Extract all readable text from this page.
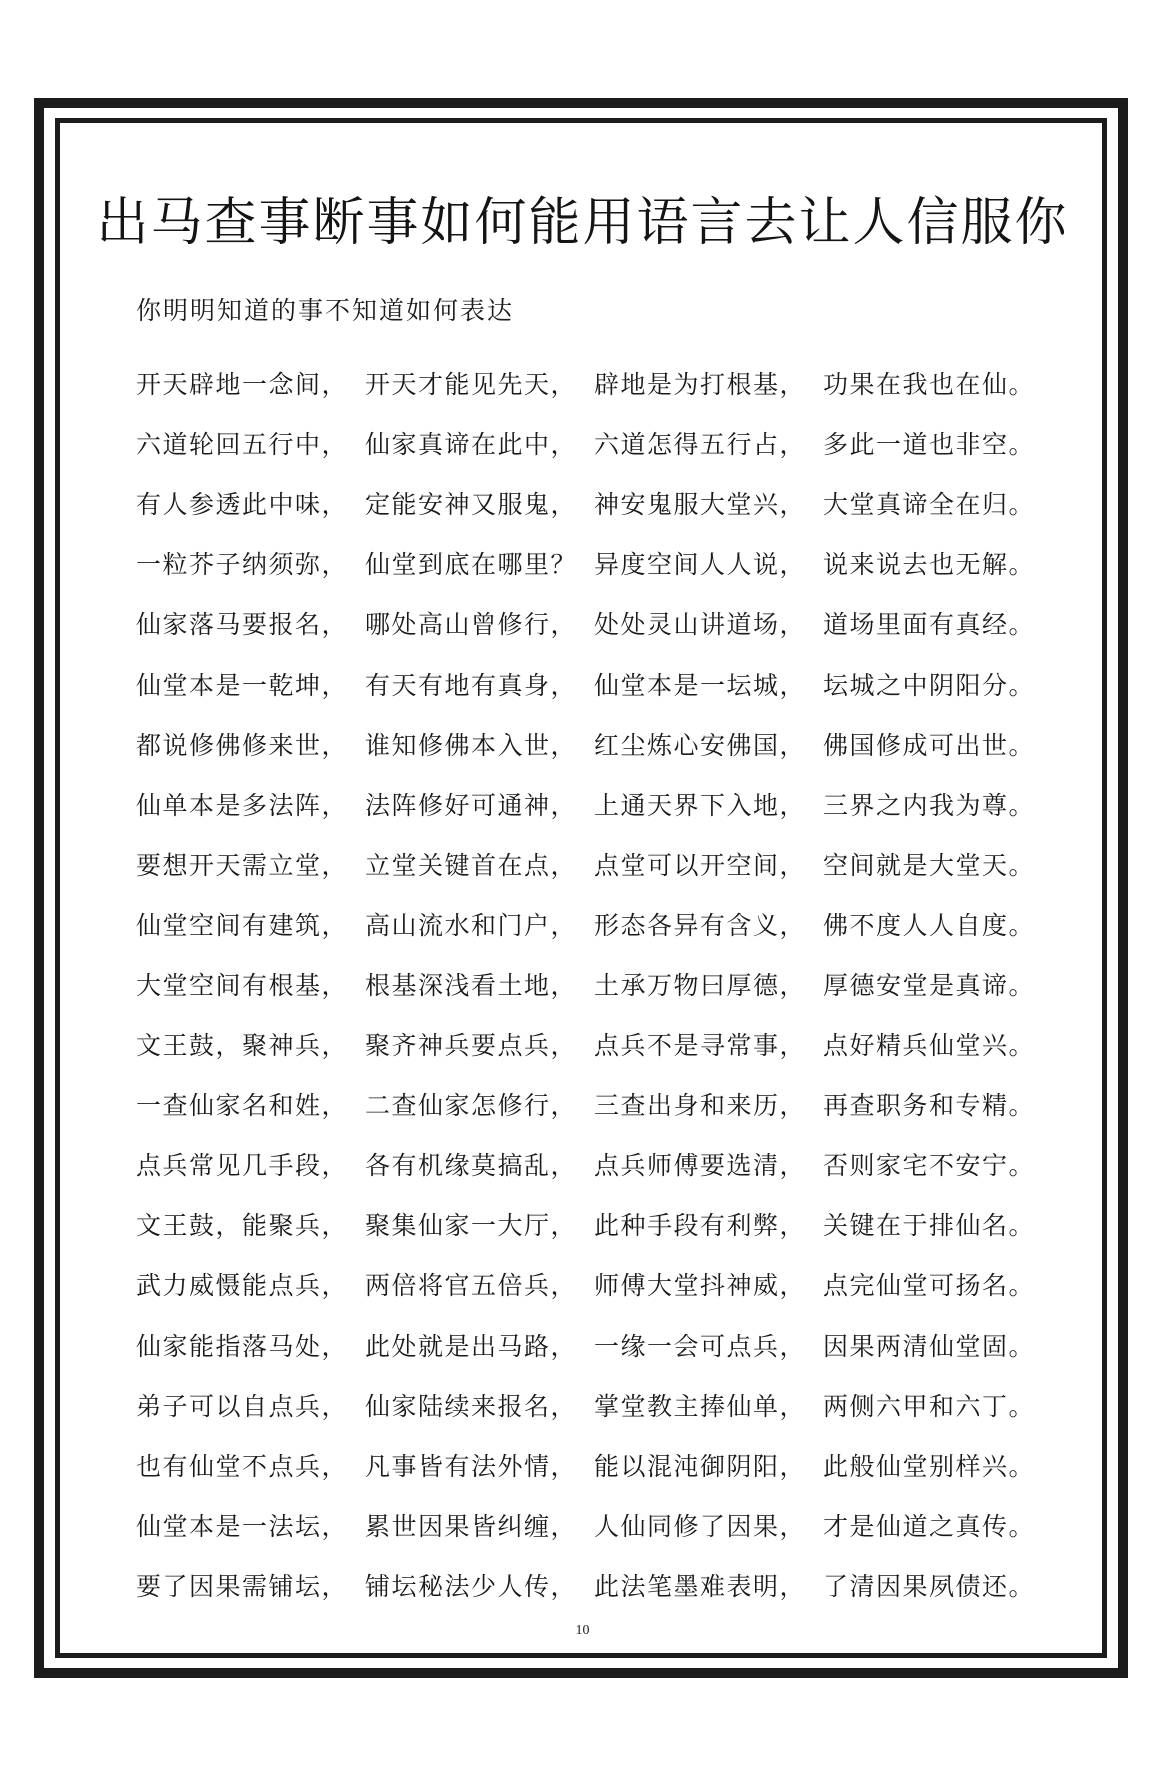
出马查事断事如何能用语言去让人信服你
你明明知道的事不知道如何表达
开天辟地一念间， 开天才能见先天， 辟地是为打根基， 功果在我也在仙。
六道轮回五行中， 仙家真谛在此中， 六道怎得五行占， 多此一道也非空。
有人参透此中味， 定能安神又服鬼， 神安鬼服大堂兴， 大堂真谛全在归。
一粒芥子纳须弥， 仙堂到底在哪里？ 异度空间人人说， 说来说去也无解。
仙家落马要报名， 哪处高山曾修行， 处处灵山讲道场， 道场里面有真经。
仙堂本是一乾坤， 有天有地有真身， 仙堂本是一坛城， 坛城之中阴阳分。
都说修佛修来世， 谁知修佛本入世， 红尘炼心安佛国， 佛国修成可出世。
仙单本是多法阵， 法阵修好可通神， 上通天界下入地， 三界之内我为尊。
要想开天需立堂， 立堂关键首在点， 点堂可以开空间， 空间就是大堂天。
仙堂空间有建筑， 高山流水和门户， 形态各异有含义， 佛不度人人自度。
大堂空间有根基， 根基深浅看土地， 土承万物曰厚德， 厚德安堂是真谛。
文王鼓，聚神兵， 聚齐神兵要点兵， 点兵不是寻常事， 点好精兵仙堂兴。
一查仙家名和姓， 二查仙家怎修行， 三查出身和来历， 再查职务和专精。
点兵常见几手段， 各有机缘莫搞乱， 点兵师傅要选清， 否则家宅不安宁。
文王鼓，能聚兵， 聚集仙家一大厅， 此种手段有利弊， 关键在于排仙名。
武力威慑能点兵， 两倍将官五倍兵， 师傅大堂抖神威， 点完仙堂可扬名。
仙家能指落马处， 此处就是出马路， 一缘一会可点兵， 因果两清仙堂固。
弟子可以自点兵， 仙家陆续来报名， 掌堂教主捧仙单， 两侧六甲和六丁。
也有仙堂不点兵， 凡事皆有法外情， 能以混沌御阴阳， 此般仙堂别样兴。
仙堂本是一法坛， 累世因果皆纠缠， 人仙同修了因果， 才是仙道之真传。
要了因果需铺坛， 铺坛秘法少人传， 此法笔墨难表明， 了清因果夙债还。
10
